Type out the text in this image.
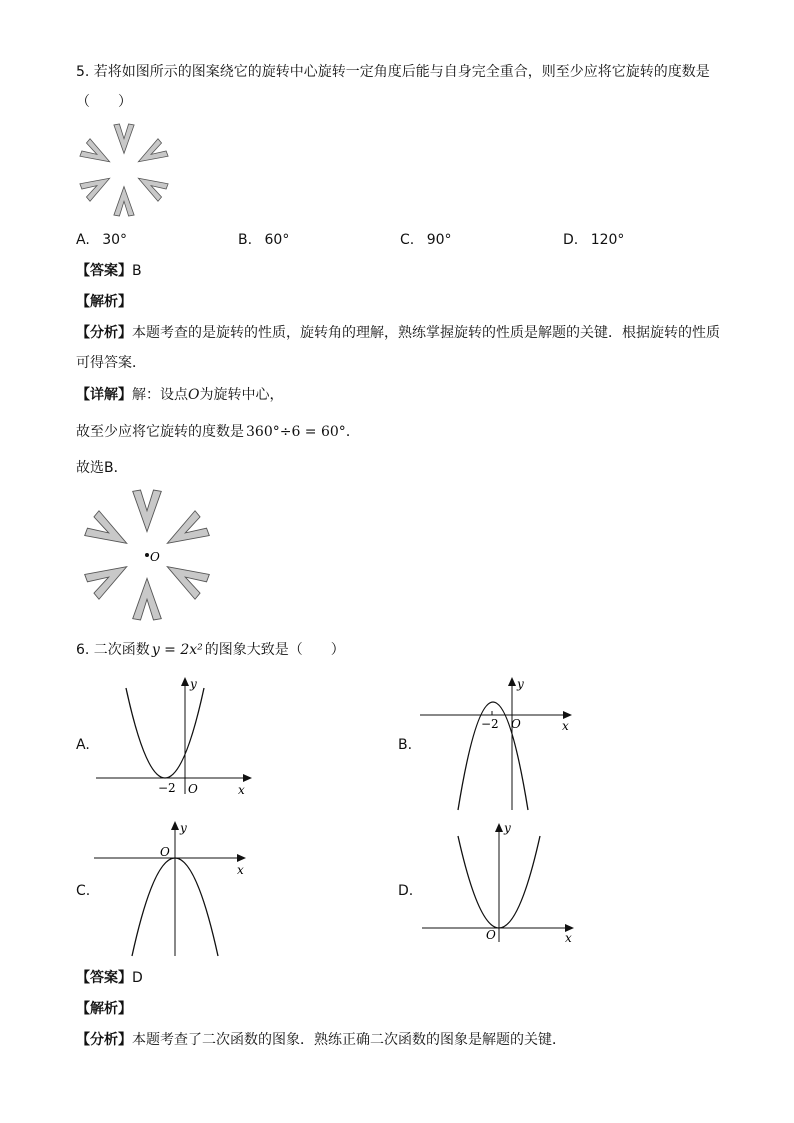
5. 若将如图所示的图案绕它的旋转中心旋转一定角度后能与自身完全重合，则至少应将它旋转的度数是
（　　）
A. 30°	B. 60°	C. 90°	D. 120°
【答案】B
【解析】
【分析】本题考查的是旋转的性质，旋转角的理解，熟练掌握旋转的性质是解题的关键．根据旋转的性质
可得答案．
【详解】解：设点O为旋转中心，
故至少应将它旋转的度数是 360°÷6 = 60°．
故选B．
O
6. 二次函数 y = 2x² 的图象大致是（　　）
A.
−2 O	x
y
B.
−2 O	x
y
C.
O
x
y
D.
O	x
y
【答案】D
【解析】
【分析】本题考查了二次函数的图象．熟练正确二次函数的图象是解题的关键．
